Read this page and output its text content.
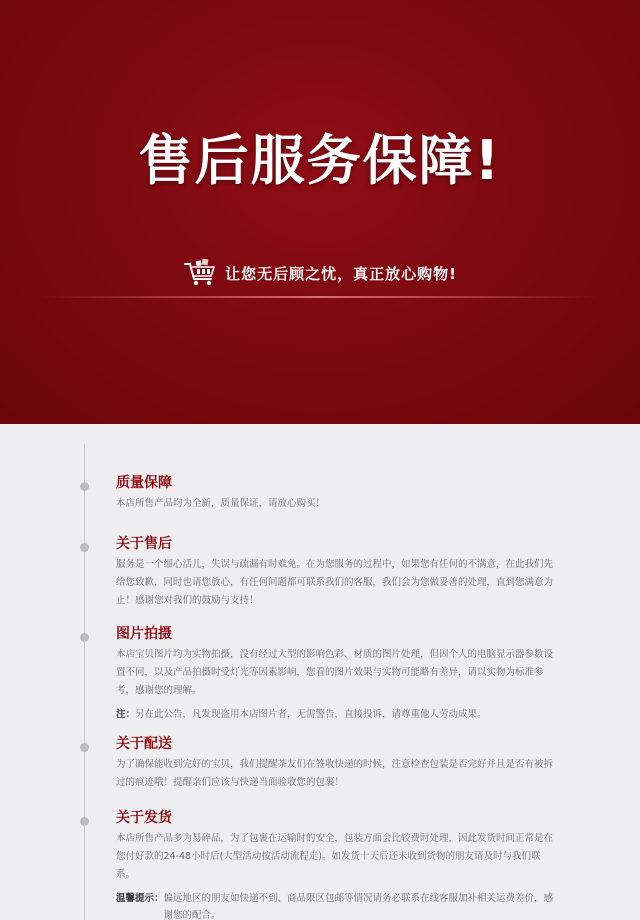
售后服务保障!
让您无后顾之忧，真正放心购物!
质量保障
本店所售产品均为全新，质量保证，请放心购买！
关于售后
服务是一个细心活儿，失误与疏漏有时难免。在为您服务的过程中，如果您有任何的不满意，在此我们先给您致歉，同时也请您放心，有任何问题都可联系我们的客服，我们会为您做妥善的处理，直到您满意为止！感谢您对我们的鼓励与支持！
图片拍摄
本店宝贝图片均为实物拍摄，没有经过大型的影响色彩、材质的图片处理，但因个人的电脑显示器参数设置不同，以及产品拍摄时受灯光等因素影响，您看的图片效果与实物可能略有差异，请以实物为标准参考，感谢您的理解。
注： 另在此公告，凡发现盗用本店图片者，无需警告，直接投诉，请尊重他人劳动成果。
关于配送
为了确保能收到完好的宝贝，我们提醒茶友们在签收快递的时候，注意检查包装是否完好并且是否有被拆过的痕迹哦！提醒亲们应该与快递当面验收您的包裹！
关于发货
本店所售产品多为易碎品，为了包裹在运输时的安全，包装方面会比较费时处理，因此发货时间正常是在您付好款的24-48小时后(大型活动按活动流程走)。如发货十天后还未收到货物的朋友请及时与我们联系。
温馨提示： 偏远地区的朋友如快递不到、商品限区包邮等情况请务必联系在线客服加补相关运费差价，感谢您的配合。
